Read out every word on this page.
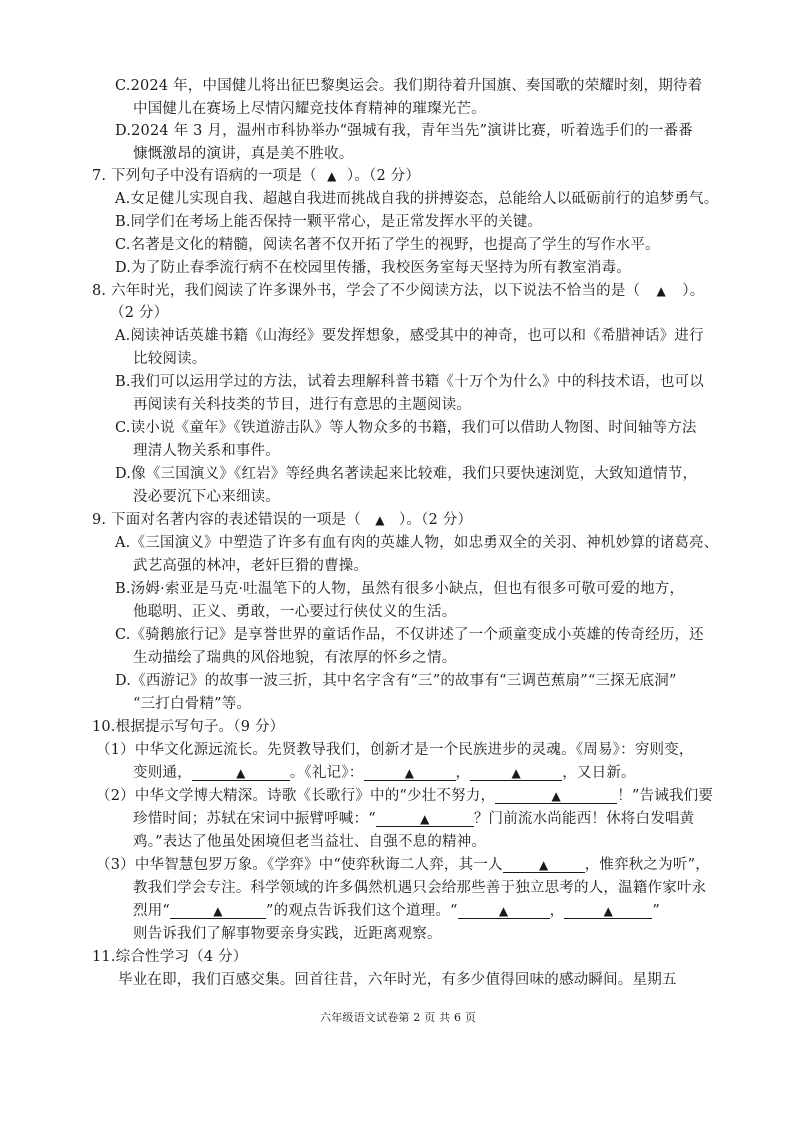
C.2024 年，中国健儿将出征巴黎奥运会。我们期待着升国旗、奏国歌的荣耀时刻，期待着
中国健儿在赛场上尽情闪耀竞技体育精神的璀璨光芒。
D.2024 年 3 月，温州市科协举办“强城有我，青年当先”演讲比赛，听着选手们的一番番
慷慨激昂的演讲，真是美不胜收。
7. 下列句子中没有语病的一项是（ ▲ ）。（2 分）
A.女足健儿实现自我、超越自我进而挑战自我的拼搏姿态，总能给人以砥砺前行的追梦勇气。
B.同学们在考场上能否保持一颗平常心，是正常发挥水平的关键。
C.名著是文化的精髓，阅读名著不仅开拓了学生的视野，也提高了学生的写作水平。
D.为了防止春季流行病不在校园里传播，我校医务室每天坚持为所有教室消毒。
8. 六年时光，我们阅读了许多课外书，学会了不少阅读方法，以下说法不恰当的是（ ▲ ）。
（2 分）
A.阅读神话英雄书籍《山海经》要发挥想象，感受其中的神奇，也可以和《希腊神话》进行
比较阅读。
B.我们可以运用学过的方法，试着去理解科普书籍《十万个为什么》中的科技术语，也可以
再阅读有关科技类的节目，进行有意思的主题阅读。
C.读小说《童年》《铁道游击队》等人物众多的书籍，我们可以借助人物图、时间轴等方法
理清人物关系和事件。
D.像《三国演义》《红岩》等经典名著读起来比较难，我们只要快速浏览，大致知道情节，
没必要沉下心来细读。
9. 下面对名著内容的表述错误的一项是（ ▲ ）。（2 分）
A.《三国演义》中塑造了许多有血有肉的英雄人物，如忠勇双全的关羽、神机妙算的诸葛亮、
武艺高强的林冲，老奸巨猾的曹操。
B.汤姆·索亚是马克·吐温笔下的人物，虽然有很多小缺点，但也有很多可敬可爱的地方，
他聪明、正义、勇敢，一心要过行侠仗义的生活。
C.《骑鹅旅行记》是享誉世界的童话作品，不仅讲述了一个顽童变成小英雄的传奇经历，还
生动描绘了瑞典的风俗地貌，有浓厚的怀乡之情。
D.《西游记》的故事一波三折，其中名字含有“三”的故事有“三调芭蕉扇”“三探无底洞”
“三打白骨精”等。
10.根据提示写句子。（9 分）
（1）中华文化源远流长。先贤教导我们，创新才是一个民族进步的灵魂。《周易》：穷则变，
变则通，	▲	。《礼记》：	▲	，	▲	，又日新。
（2）中华文学博大精深。诗歌《长歌行》中的“少壮不努力，	▲	！”告诫我们要
珍惜时间；苏轼在宋词中振臂呼喊：“	▲	？门前流水尚能西！休将白发唱黄
鸡。”表达了他虽处困境但老当益壮、自强不息的精神。
（3）中华智慧包罗万象。《学弈》中“使弈秋诲二人弈，其一人	▲	，惟弈秋之为听”，
教我们学会专注。科学领域的许多偶然机遇只会给那些善于独立思考的人，温籍作家叶永
烈用“	▲	”的观点告诉我们这个道理。“	▲	，	▲	”
则告诉我们了解事物要亲身实践，近距离观察。
11.综合性学习（4 分）
毕业在即，我们百感交集。回首往昔，六年时光，有多少值得回味的感动瞬间。星期五
六年级语文试卷第 2 页 共 6 页
